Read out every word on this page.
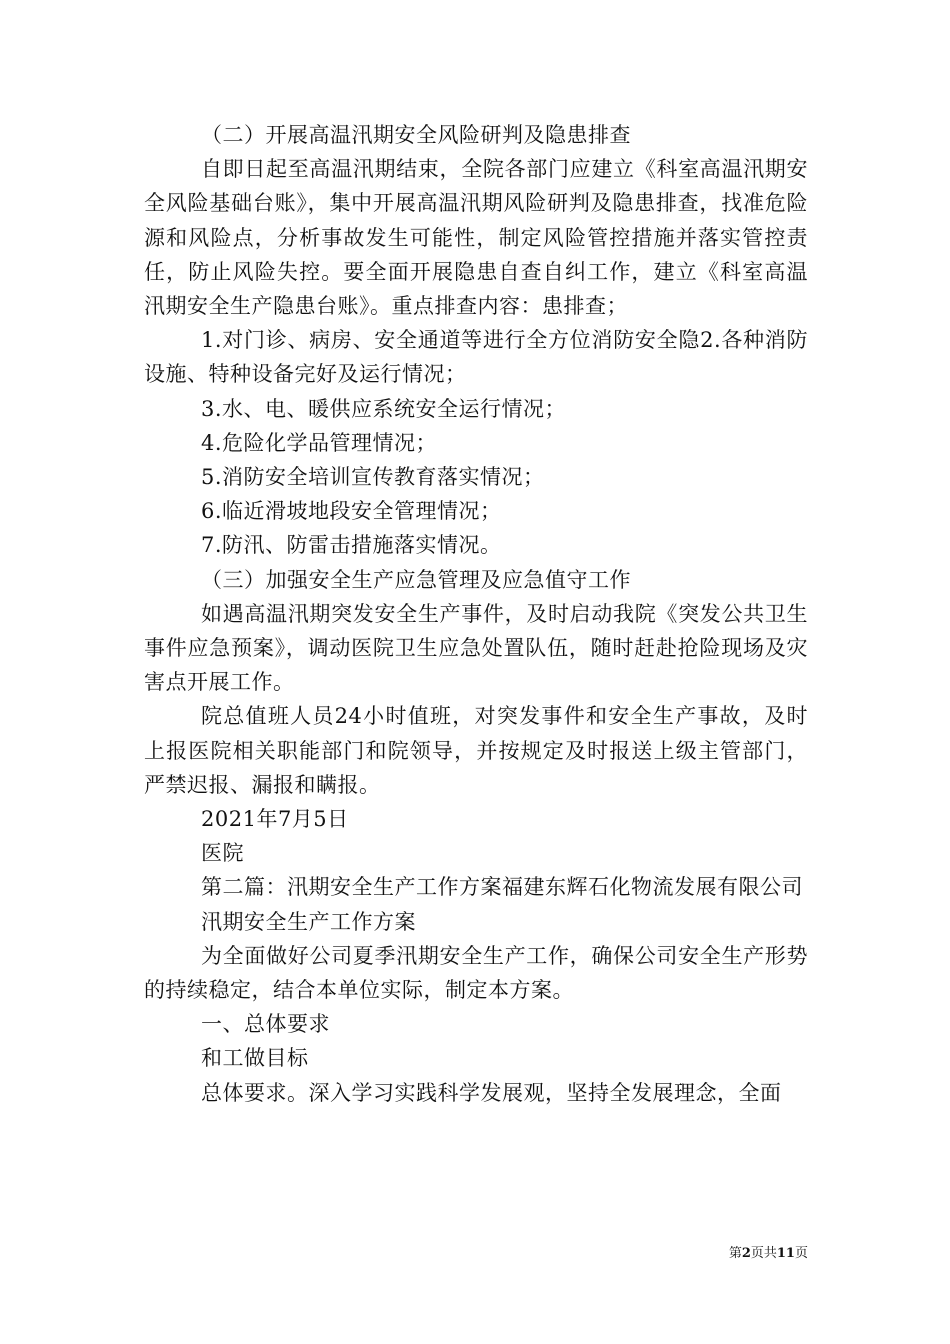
（二）开展高温汛期安全风险研判及隐患排查

自即日起至高温汛期结束，全院各部门应建立《科室高温汛期安全风险基础台账》，集中开展高温汛期风险研判及隐患排查，找准危险源和风险点，分析事故发生可能性，制定风险管控措施并落实管控责任，防止风险失控。要全面开展隐患自查自纠工作，建立《科室高温汛期安全生产隐患台账》。重点排查内容：患排查；

1.对门诊、病房、安全通道等进行全方位消防安全隐2.各种消防设施、特种设备完好及运行情况；

3.水、电、暖供应系统安全运行情况；

4.危险化学品管理情况；

5.消防安全培训宣传教育落实情况；

6.临近滑坡地段安全管理情况；

7.防汛、防雷击措施落实情况。

（三）加强安全生产应急管理及应急值守工作

如遇高温汛期突发安全生产事件，及时启动我院《突发公共卫生事件应急预案》，调动医院卫生应急处置队伍，随时赶赴抢险现场及灾害点开展工作。

院总值班人员24小时值班，对突发事件和安全生产事故，及时上报医院相关职能部门和院领导，并按规定及时报送上级主管部门，严禁迟报、漏报和瞒报。

2021年7月5日

医院

第二篇：汛期安全生产工作方案福建东辉石化物流发展有限公司

汛期安全生产工作方案

为全面做好公司夏季汛期安全生产工作，确保公司安全生产形势的持续稳定，结合本单位实际，制定本方案。

一、总体要求

和工做目标

总体要求。深入学习实践科学发展观，坚持全发展理念，全面

第2页共11页
